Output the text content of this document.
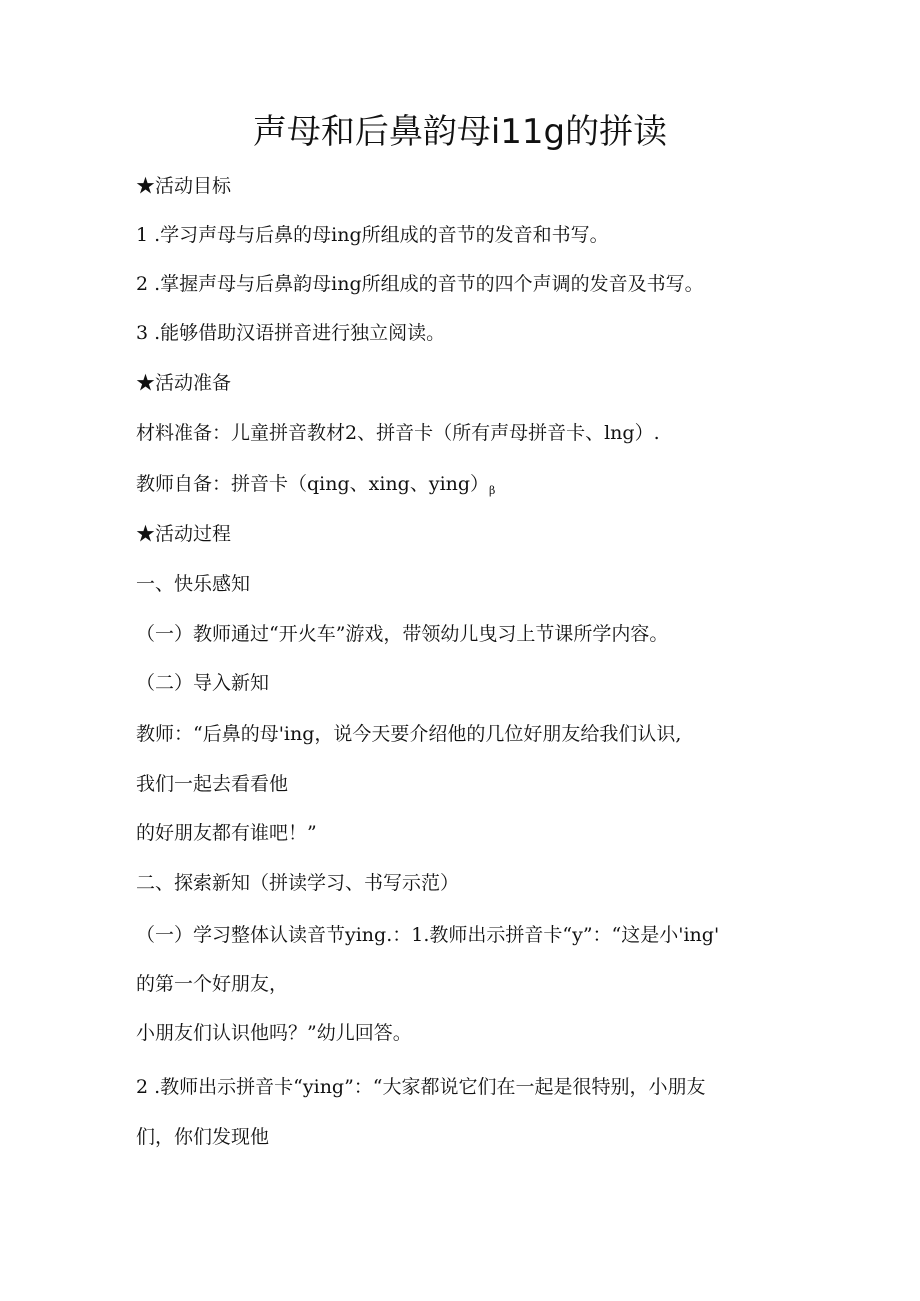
声母和后鼻韵母i11g的拼读

★活动目标

1 .学习声母与后鼻的母ing所组成的音节的发音和书写。

2 .掌握声母与后鼻韵母ing所组成的音节的四个声调的发音及书写。

3 .能够借助汉语拼音进行独立阅读。

★活动准备

材料准备：儿童拼音教材2、拼音卡（所有声母拼音卡、lng）.

教师自备：拼音卡（qing、xing、$ying)_\beta$

★活动过程

一、快乐感知

（一）教师通过“开火车”游戏，带领幼儿曳习上节课所学内容。

（二）导入新知

教师：“后鼻的母'ing，说今天要介绍他的几位好朋友给我们认识,

我们一起去看看他

的好朋友都有谁吧！”

二、探索新知（拼读学习、书写示范）

（一）学习整体认读音节ying.：1.教师出示拼音卡“y”：“这是小'ing'

的第一个好朋友，

小朋友们认识他吗？”幼儿回答。

2 .教师出示拼音卡“ying”：“大家都说它们在一起是很特别，小朋友

们，你们发现他
